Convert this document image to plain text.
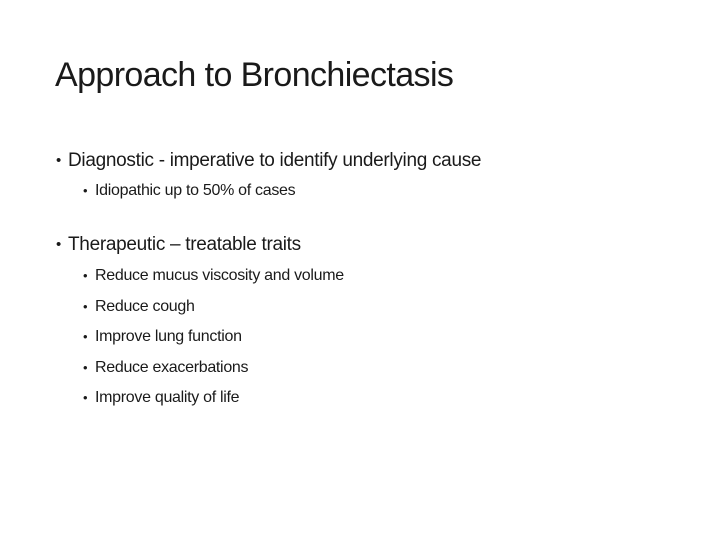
Approach to Bronchiectasis
• Diagnostic - imperative to identify underlying cause
• Idiopathic up to 50% of cases
• Therapeutic – treatable traits
• Reduce mucus viscosity and volume
• Reduce cough
• Improve lung function
• Reduce exacerbations
• Improve quality of life
